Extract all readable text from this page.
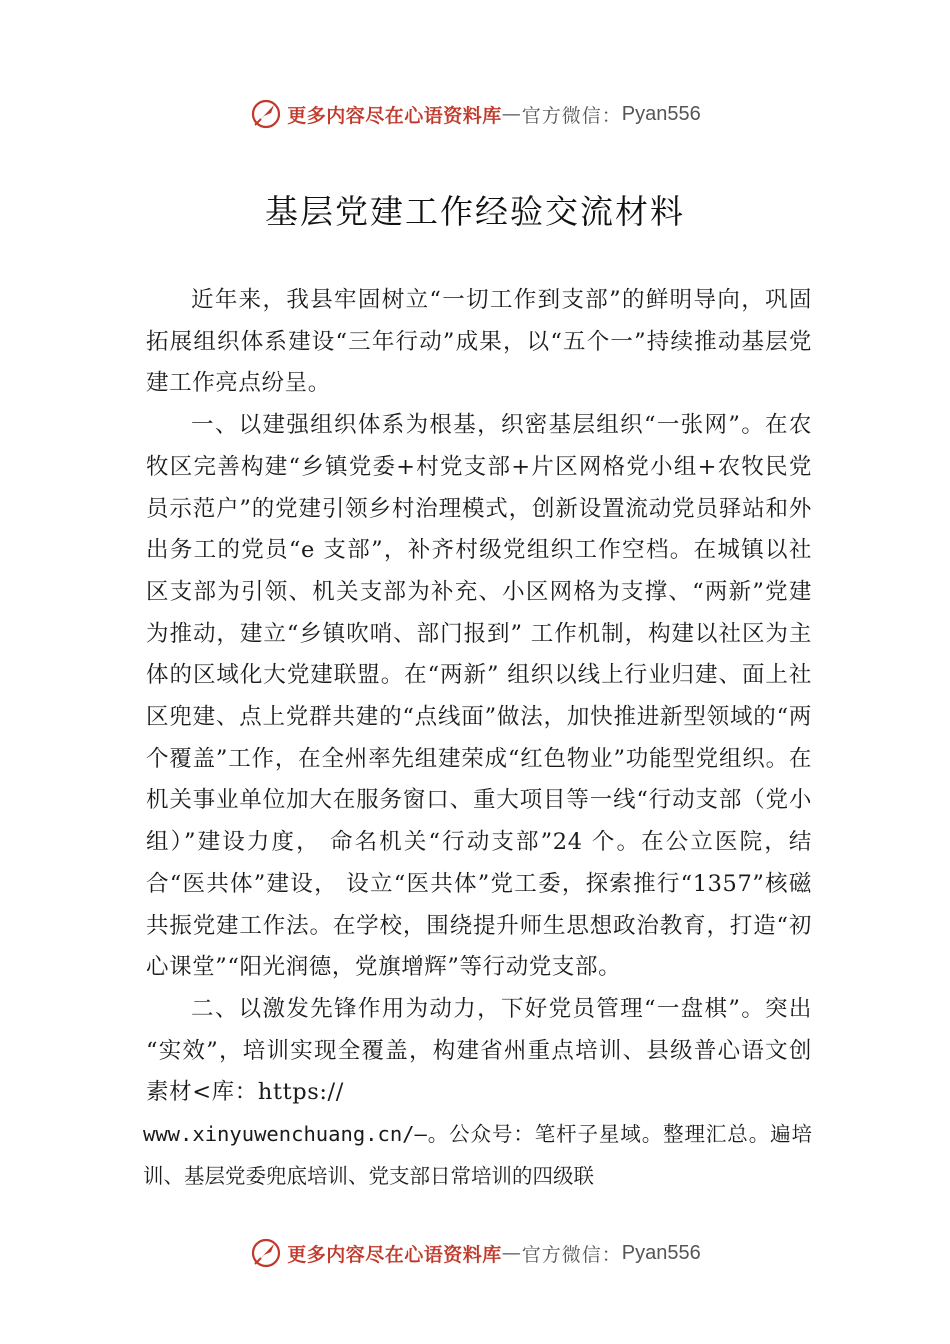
更多内容尽在心语资料库 — 官方微信： Pyan556
基层党建工作经验交流材料

近年来，我县牢固树立“一切工作到支部”的鲜明导向，巩固拓展组织体系建设“三年行动”成果，以“五个一”持续推动基层党建工作亮点纷呈。

一、以建强组织体系为根基，织密基层组织“一张网”。在农牧区完善构建“乡镇党委+村党支部+片区网格党小组+农牧民党员示范户”的党建引领乡村治理模式，创新设置流动党员驿站和外出务工的党员“e 支部”，补齐村级党组织工作空档。在城镇以社区支部为引领、机关支部为补充、小区网格为支撑、“两新”党建为推动，建立“乡镇吹哨、部门报到” 工作机制，构建以社区为主体的区域化大党建联盟。在“两新” 组织以线上行业归建、面上社区兜建、点上党群共建的“点线面”做法，加快推进新型领域的“两个覆盖”工作，在全州率先组建荣成“红色物业”功能型党组织。在机关事业单位加大在服务窗口、重大项目等一线“行动支部（党小组）”建设力度， 命名机关“行动支部”24 个。在公立医院，结合“医共体”建设， 设立“医共体”党工委，探索推行“1357”核磁共振党建工作法。在学校，围绕提升师生思想政治教育，打造“初心课堂”“阳光润德，党旗增辉”等行动党支部。

二、以激发先锋作用为动力，下好党员管理“一盘棋”。突出 “实效”，培训实现全覆盖，构建省州重点培训、县级普心语文创素材<库：https://

www.xinyuwenchuang.cn/—。公众号：笔杆子星域。整理汇总。遍培训、基层党委兜底培训、党支部日常培训的四级联

更多内容尽在心语资料库 — 官方微信： Pyan556
